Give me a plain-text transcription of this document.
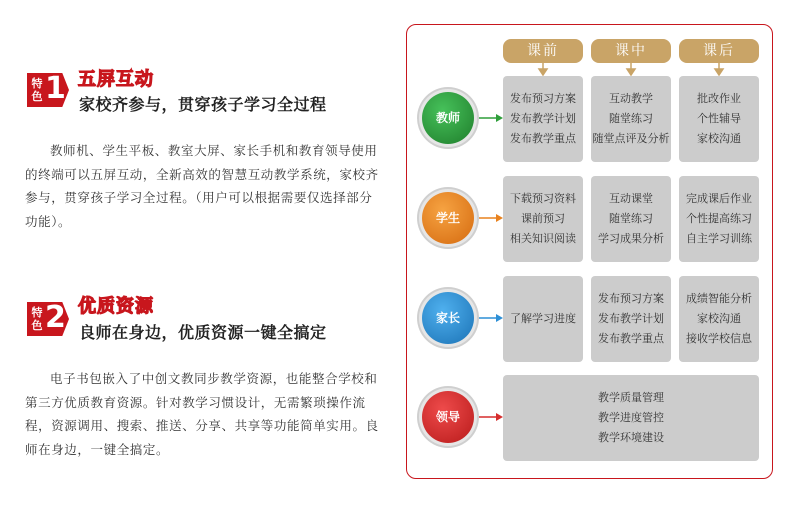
特
色 1 五屏互动
家校齐参与，贯穿孩子学习全过程
教师机、学生平板、教室大屏、家长手机和教育领导使用
的终端可以五屏互动，全新高效的智慧互动教学系统，家校齐
参与，贯穿孩子学习全过程。（用户可以根据需要仅选择部分
功能）。
特
色 2 优质资源
良师在身边，优质资源一键全搞定
电子书包嵌入了中创文教同步教学资源，也能整合学校和
第三方优质教育资源。针对教学习惯设计，无需繁琐操作流
程，资源调用、搜索、推送、分享、共享等功能简单实用。良
师在身边，一键全搞定。
课前	课中	课后
教师
学生
家长
领导
发布预习方案
发布教学计划
发布教学重点
互动教学
随堂练习
随堂点评及分析
批改作业
个性辅导
家校沟通
下载预习资料
课前预习
相关知识阅读
互动课堂
随堂练习
学习成果分析
完成课后作业
个性提高练习
自主学习训练
了解学习进度
发布预习方案
发布教学计划
发布教学重点
成绩智能分析
家校沟通
接收学校信息
教学质量管理
教学进度管控
教学环境建设
